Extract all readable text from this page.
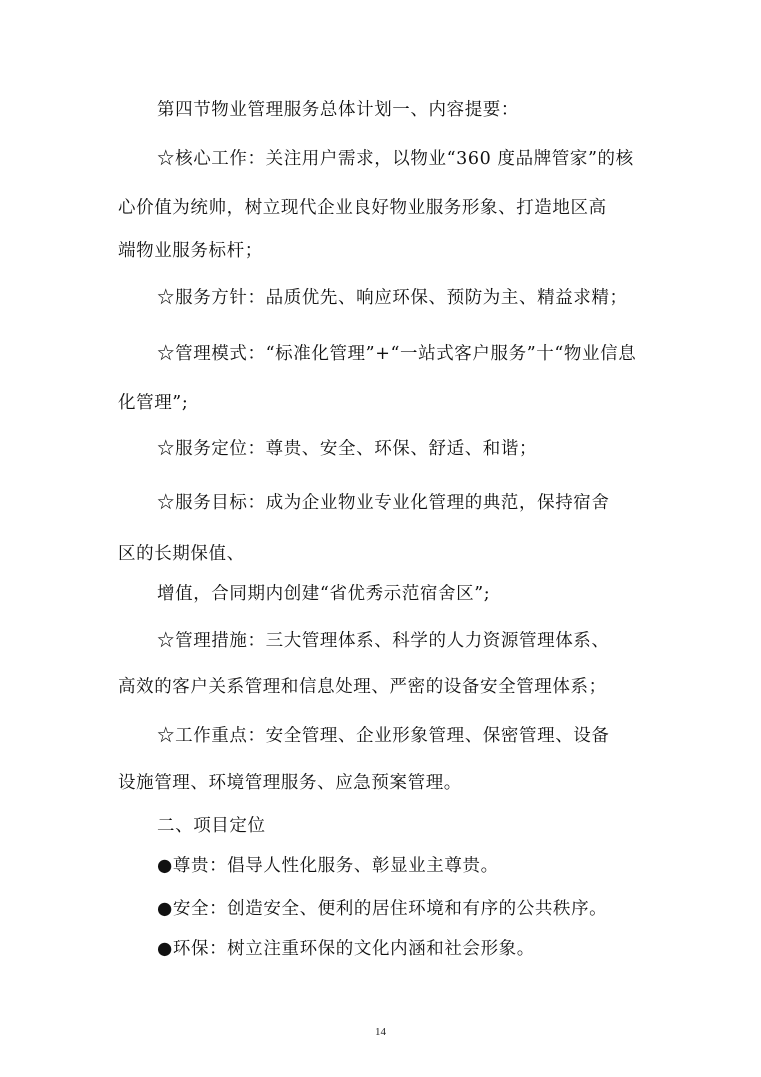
第四节物业管理服务总体计划一、内容提要：
☆核心工作：关注用户需求，以物业“360 度品牌管家”的核
心价值为统帅，树立现代企业良好物业服务形象、打造地区高
端物业服务标杆；
☆服务方针：品质优先、响应环保、预防为主、精益求精；
☆管理模式：“标准化管理”+“一站式客户服务”十“物业信息
化管理”;
☆服务定位：尊贵、安全、环保、舒适、和谐；
☆服务目标：成为企业物业专业化管理的典范，保持宿舍
区的长期保值、
增值，合同期内创建“省优秀示范宿舍区”;
☆管理措施：三大管理体系、科学的人力资源管理体系、
高效的客户关系管理和信息处理、严密的设备安全管理体系；
☆工作重点：安全管理、企业形象管理、保密管理、设备
设施管理、环境管理服务、应急预案管理。
二、项目定位
●尊贵：倡导人性化服务、彰显业主尊贵。
●安全：创造安全、便利的居住环境和有序的公共秩序。
●环保：树立注重环保的文化内涵和社会形象。
14
